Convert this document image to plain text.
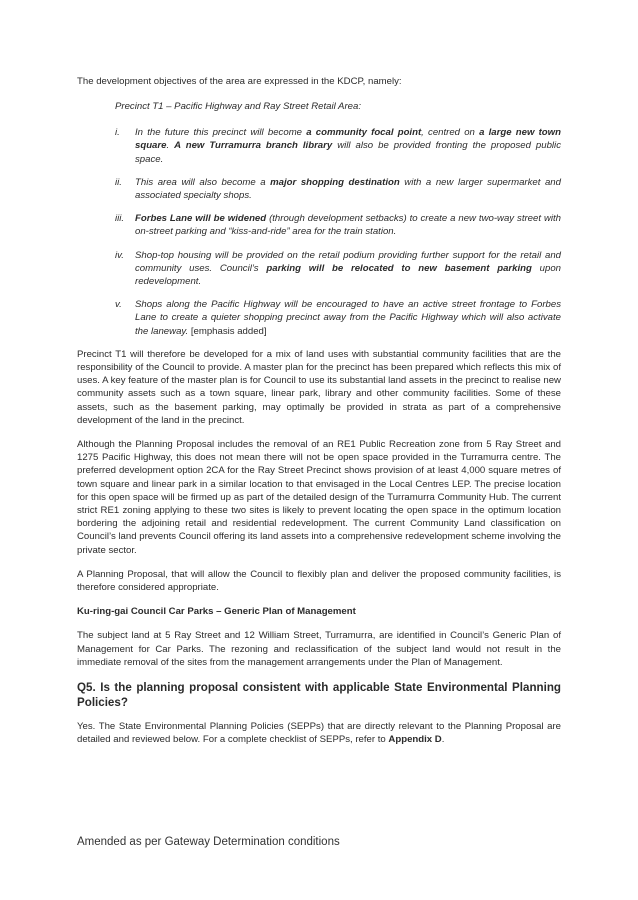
The development objectives of the area are expressed in the KDCP, namely:

Precinct T1 – Pacific Highway and Ray Street Retail Area:

i.	In the future this precinct will become a community focal point, centred on a large new town square. A new Turramurra branch library will also be provided fronting the proposed public space.
ii.	This area will also become a major shopping destination with a new larger supermarket and associated specialty shops.
iii.	Forbes Lane will be widened (through development setbacks) to create a new two-way street with on-street parking and “kiss-and-ride” area for the train station.
iv.	Shop-top housing will be provided on the retail podium providing further support for the retail and community uses. Council’s parking will be relocated to new basement parking upon redevelopment.
v.	Shops along the Pacific Highway will be encouraged to have an active street frontage to Forbes Lane to create a quieter shopping precinct away from the Pacific Highway which will also activate the laneway. [emphasis added]

Precinct T1 will therefore be developed for a mix of land uses with substantial community facilities that are the responsibility of the Council to provide. A master plan for the precinct has been prepared which reflects this mix of uses. A key feature of the master plan is for Council to use its substantial land assets in the precinct to realise new community assets such as a town square, linear park, library and other community facilities. Some of these assets, such as the basement parking, may optimally be provided in strata as part of a comprehensive development of the land in the precinct.

Although the Planning Proposal includes the removal of an RE1 Public Recreation zone from 5 Ray Street and 1275 Pacific Highway, this does not mean there will not be open space provided in the Turramurra centre. The preferred development option 2CA for the Ray Street Precinct shows provision of at least 4,000 square metres of town square and linear park in a similar location to that envisaged in the Local Centres LEP. The precise location for this open space will be firmed up as part of the detailed design of the Turramurra Community Hub. The current strict RE1 zoning applying to these two sites is likely to prevent locating the open space in the optimum location bordering the adjoining retail and residential redevelopment. The current Community Land classification on Council’s land prevents Council offering its land assets into a comprehensive redevelopment scheme involving the private sector.

A Planning Proposal, that will allow the Council to flexibly plan and deliver the proposed community facilities, is therefore considered appropriate.

Ku-ring-gai Council Car Parks – Generic Plan of Management

The subject land at 5 Ray Street and 12 William Street, Turramurra, are identified in Council’s Generic Plan of Management for Car Parks. The rezoning and reclassification of the subject land would not result in the immediate removal of the sites from the management arrangements under the Plan of Management.

Q5. Is the planning proposal consistent with applicable State Environmental Planning Policies?

Yes. The State Environmental Planning Policies (SEPPs) that are directly relevant to the Planning Proposal are detailed and reviewed below. For a complete checklist of SEPPs, refer to Appendix D.

Amended as per Gateway Determination conditions
